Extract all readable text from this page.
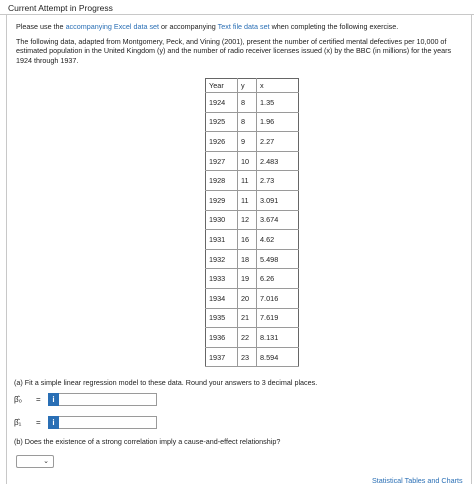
Current Attempt in Progress
Please use the accompanying Excel data set or accompanying Text file data set when completing the following exercise.
The following data, adapted from Montgomery, Peck, and Vining (2001), present the number of certified mental defectives per 10,000 of estimated population in the United Kingdom (y) and the number of radio receiver licenses issued (x) by the BBC (in millions) for the years 1924 through 1937.
Year	y	x
1924	8	1.35
1925	8	1.96
1926	9	2.27
1927	10	2.483
1928	11	2.73
1929	11	3.091
1930	12	3.674
1931	16	4.62
1932	18	5.498
1933	19	6.26
1934	20	7.016
1935	21	7.619
1936	22	8.131
1937	23	8.594
(a) Fit a simple linear regression model to these data. Round your answers to 3 decimal places.
β̂₀	=	i
β̂₁	=	i
(b) Does the existence of a strong correlation imply a cause-and-effect relationship?
⌄
Statistical Tables and Charts
